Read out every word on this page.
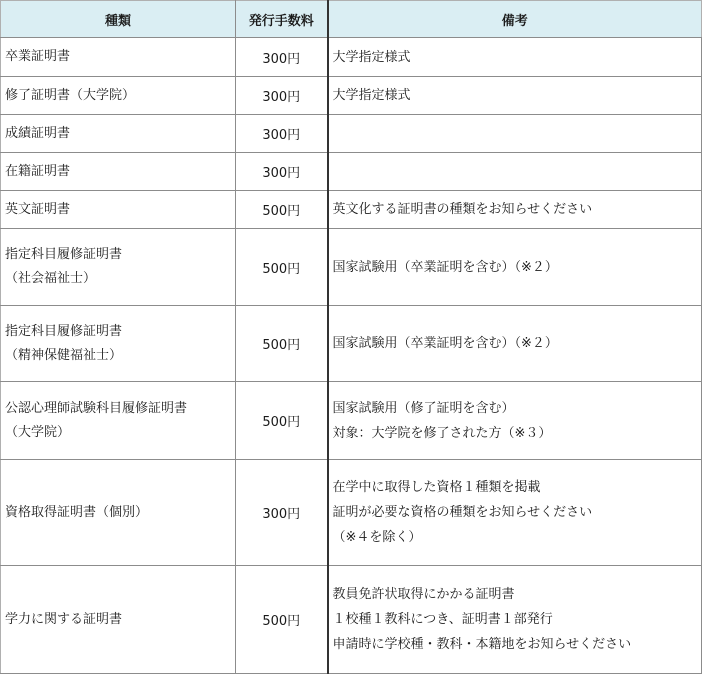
種類	発行手数料	備考

卒業証明書	300円	大学指定様式

修了証明書（大学院）	300円	大学指定様式

成績証明書	300円	

在籍証明書	300円	

英文証明書	500円	英文化する証明書の種類をお知らせください

指定科目履修証明書
（社会福祉士）	500円	国家試験用（卒業証明を含む）（※２）

指定科目履修証明書
（精神保健福祉士）	500円	国家試験用（卒業証明を含む）（※２）

公認心理師試験科目履修証明書
（大学院）	500円	国家試験用（修了証明を含む）
対象：大学院を修了された方（※３）

資格取得証明書（個別）	300円	在学中に取得した資格１種類を掲載
証明が必要な資格の種類をお知らせください
（※４を除く）

学力に関する証明書	500円	教員免許状取得にかかる証明書
１校種１教科につき、証明書１部発行
申請時に学校種・教科・本籍地をお知らせください
